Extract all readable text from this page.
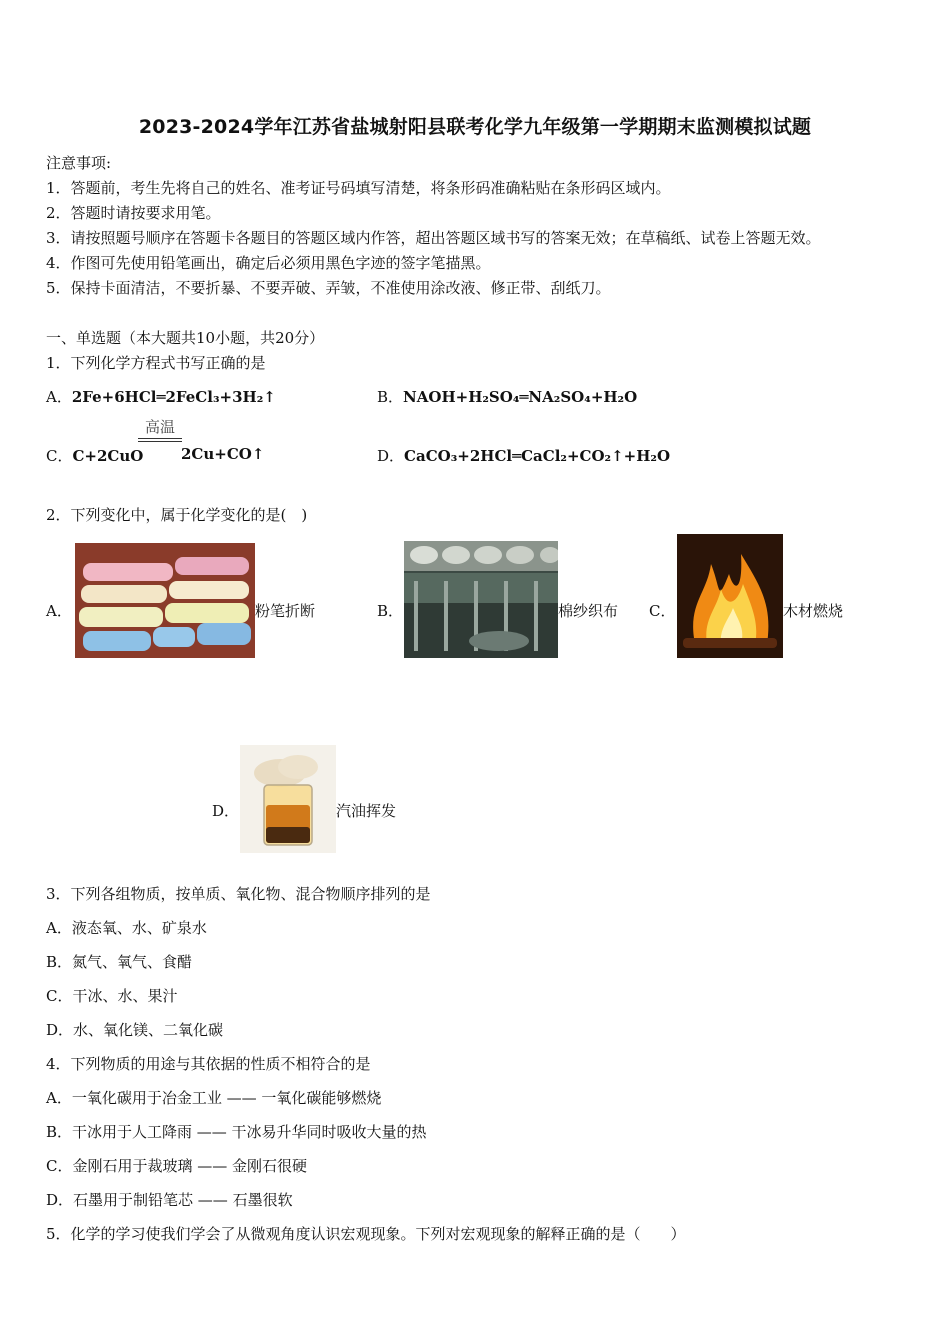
2023-2024学年江苏省盐城射阳县联考化学九年级第一学期期末监测模拟试题
注意事项:
1．答题前，考生先将自己的姓名、准考证号码填写清楚，将条形码准确粘贴在条形码区域内。
2．答题时请按要求用笔。
3．请按照题号顺序在答题卡各题目的答题区域内作答，超出答题区域书写的答案无效；在草稿纸、试卷上答题无效。
4．作图可先使用铅笔画出，确定后必须用黑色字迹的签字笔描黑。
5．保持卡面清洁，不要折暴、不要弄破、弄皱，不准使用涂改液、修正带、刮纸刀。
一、单选题（本大题共10小题，共20分）
1．下列化学方程式书写正确的是
A．2Fe+6HCl═2FeCl₃+3H₂↑	B．NAOH+H₂SO₄═NA₂SO₄+H₂O
C．C+2CuO
高温
2Cu+CO↑	D．CaCO₃+2HCl═CaCl₂+CO₂↑+H₂O
2．下列变化中，属于化学变化的是(　)
A．	粉笔折断	B．	棉纱织布 C．	木材燃烧
D．	汽油挥发
3．下列各组物质，按单质、氧化物、混合物顺序排列的是
A．液态氧、水、矿泉水
B．氮气、氧气、食醋
C．干冰、水、果汁
D．水、氧化镁、二氧化碳
4．下列物质的用途与其依据的性质不相符合的是
A．一氧化碳用于冶金工业 —— 一氧化碳能够燃烧
B．干冰用于人工降雨 —— 干冰易升华同时吸收大量的热
C．金刚石用于裁玻璃 —— 金刚石很硬
D．石墨用于制铅笔芯 —— 石墨很软
5．化学的学习使我们学会了从微观角度认识宏观现象。下列对宏观现象的解释正确的是（　　）
